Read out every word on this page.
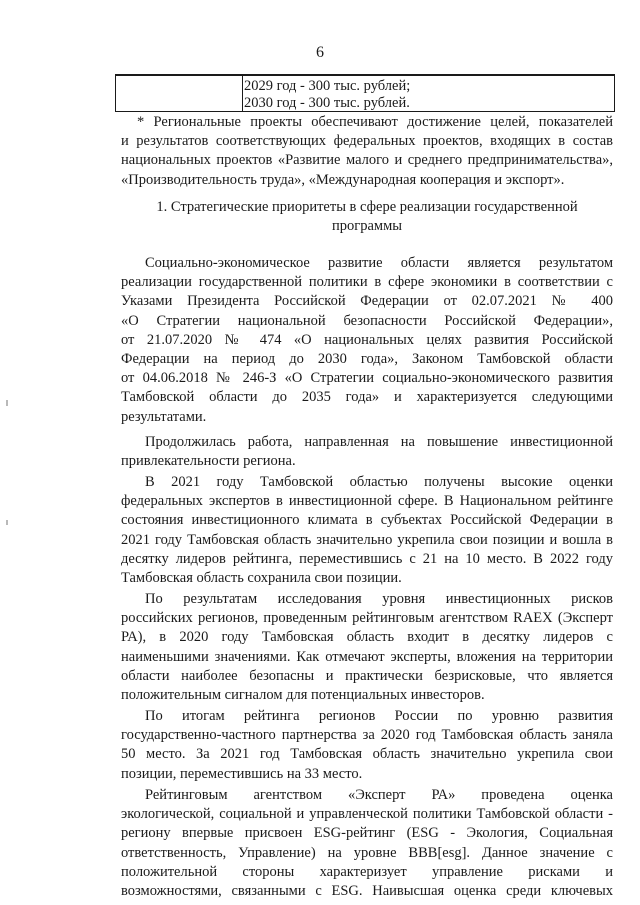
6
2029 год - 300 тыс. рублей;
2030 год - 300 тыс. рублей.
* Региональные проекты обеспечивают достижение целей, показателей
и результатов соответствующих федеральных проектов, входящих в состав
национальных проектов «Развитие малого и среднего предпринимательства»,
«Производительность труда», «Международная кооперация и экспорт».
1. Стратегические приоритеты в сфере реализации государственной
программы
Социально-экономическое развитие области является результатом
реализации государственной политики в сфере экономики в соответствии с
Указами Президента Российской Федерации от 02.07.2021 № 400
«О Стратегии национальной безопасности Российской Федерации»,
от 21.07.2020 № 474 «О национальных целях развития Российской
Федерации на период до 2030 года», Законом Тамбовской области
от 04.06.2018 № 246-З «О Стратегии социально-экономического развития
Тамбовской области до 2035 года» и характеризуется следующими
результатами.
Продолжилась работа, направленная на повышение инвестиционной
привлекательности региона.
В 2021 году Тамбовской областью получены высокие оценки
федеральных экспертов в инвестиционной сфере. В Национальном рейтинге
состояния инвестиционного климата в субъектах Российской Федерации в
2021 году Тамбовская область значительно укрепила свои позиции и вошла в
десятку лидеров рейтинга, переместившись с 21 на 10 место. В 2022 году
Тамбовская область сохранила свои позиции.
По результатам исследования уровня инвестиционных рисков
российских регионов, проведенным рейтинговым агентством RAEX (Эксперт
РА), в 2020 году Тамбовская область входит в десятку лидеров с
наименьшими значениями. Как отмечают эксперты, вложения на территории
области наиболее безопасны и практически безрисковые, что является
положительным сигналом для потенциальных инвесторов.
По итогам рейтинга регионов России по уровню развития
государственно-частного партнерства за 2020 год Тамбовская область заняла
50 место. За 2021 год Тамбовская область значительно укрепила свои
позиции, переместившись на 33 место.
Рейтинговым агентством «Эксперт РА» проведена оценка
экологической, социальной и управленческой политики Тамбовской области -
региону впервые присвоен ESG-рейтинг (ESG - Экология, Социальная
ответственность, Управление) на уровне BBB[esg]. Данное значение с
положительной стороны характеризует управление рисками и
возможностями, связанными с ESG. Наивысшая оценка среди ключевых
